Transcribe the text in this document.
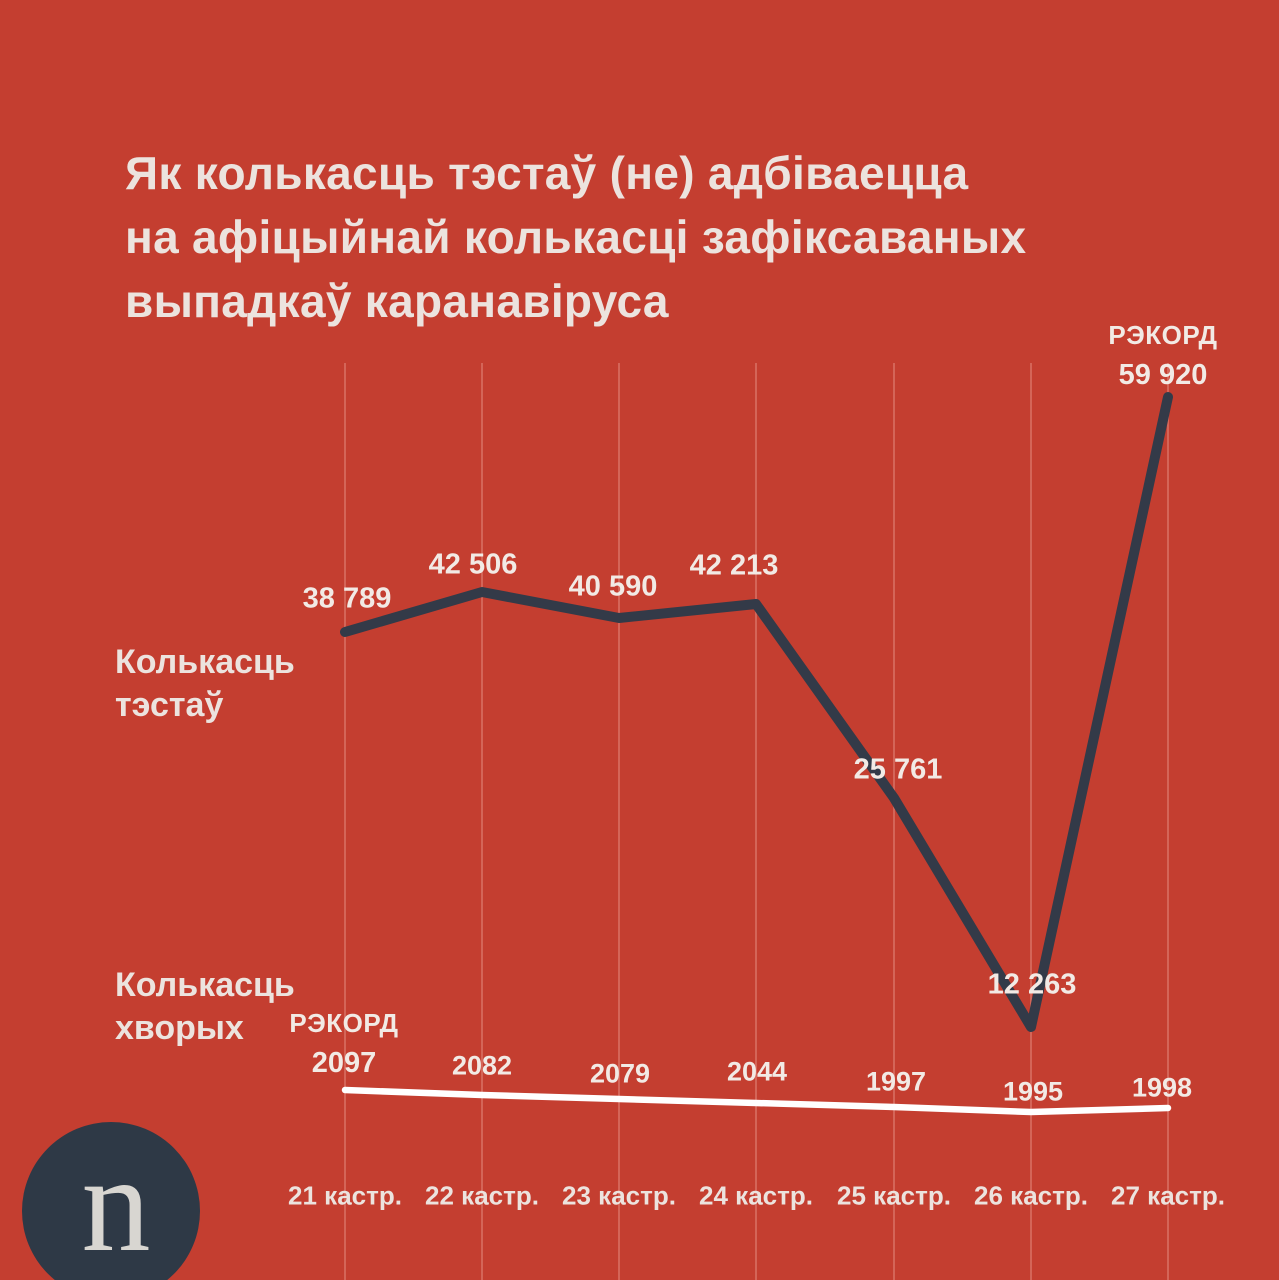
Як колькасць тэстаў (не) адбіваецца
на афіцыйнай колькасці зафіксаваных
выпадкаў каранавіруса
Колькасць
тэстаў
Колькасць
хворых
РЭКОРД
59 920
РЭКОРД
2097
38 789
42 506
40 590
42 213
25 761
12 263
2082	2079	2044	1997	1995	1998
21 кастр. 22 кастр. 23 кастр. 24 кастр. 25 кастр. 26 кастр. 27 кастр.
n
